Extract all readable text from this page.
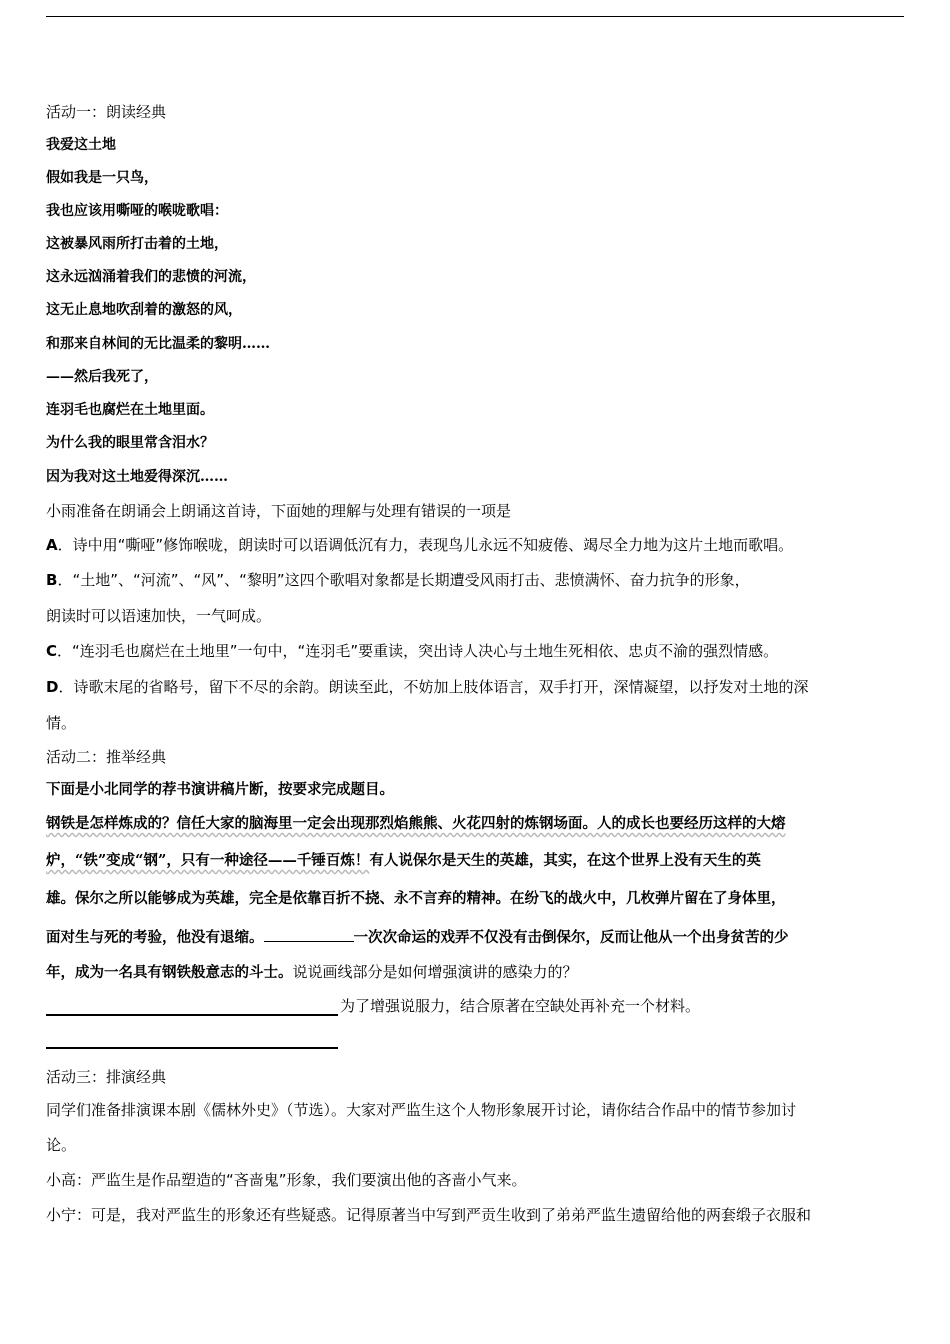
活动一：朗读经典
我爱这土地
假如我是一只鸟，
我也应该用嘶哑的喉咙歌唱：
这被暴风雨所打击着的土地，
这永远汹涌着我们的悲愤的河流，
这无止息地吹刮着的激怒的风，
和那来自林间的无比温柔的黎明……
——然后我死了，
连羽毛也腐烂在土地里面。
为什么我的眼里常含泪水？
因为我对这土地爱得深沉……
小雨准备在朗诵会上朗诵这首诗，下面她的理解与处理有错误的一项是
A．诗中用“嘶哑”修饰喉咙，朗读时可以语调低沉有力，表现鸟儿永远不知疲倦、竭尽全力地为这片土地而歌唱。
B．“土地”、“河流”、“风”、“黎明”这四个歌唱对象都是长期遭受风雨打击、悲愤满怀、奋力抗争的形象，
朗读时可以语速加快，一气呵成。
C．“连羽毛也腐烂在土地里”一句中，“连羽毛”要重读，突出诗人决心与土地生死相依、忠贞不渝的强烈情感。
D．诗歌末尾的省略号，留下不尽的余韵。朗读至此，不妨加上肢体语言，双手打开，深情凝望，以抒发对土地的深
情。
活动二：推举经典
下面是小北同学的荐书演讲稿片断，按要求完成题目。
钢铁是怎样炼成的？信任大家的脑海里一定会出现那烈焰熊熊、火花四射的炼钢场面。人的成长也要经历这样的大熔
炉，“铁”变成“钢”，只有一种途径——千锤百炼！有人说保尔是天生的英雄，其实，在这个世界上没有天生的英
雄。保尔之所以能够成为英雄，完全是依靠百折不挠、永不言弃的精神。在纷飞的战火中，几枚弹片留在了身体里，
面对生与死的考验，他没有退缩。	一次次命运的戏弄不仅没有击倒保尔，反而让他从一个出身贫苦的少
年，成为一名具有钢铁般意志的斗士。说说画线部分是如何增强演讲的感染力的？
为了增强说服力，结合原著在空缺处再补充一个材料。
活动三：排演经典
同学们准备排演课本剧《儒林外史》（节选）。大家对严监生这个人物形象展开讨论，请你结合作品中的情节参加讨
论。
小高：严监生是作品塑造的“吝啬鬼”形象，我们要演出他的吝啬小气来。
小宁：可是，我对严监生的形象还有些疑惑。记得原著当中写到严贡生收到了弟弟严监生遗留给他的两套缎子衣服和
